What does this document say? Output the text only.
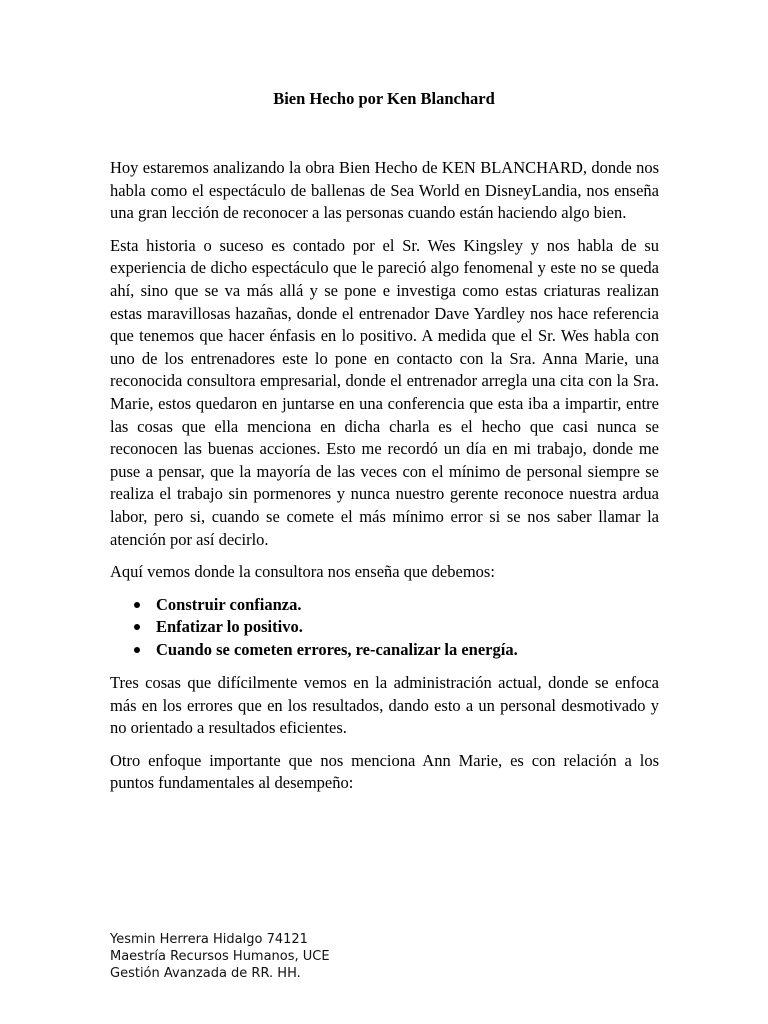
Bien Hecho por Ken Blanchard

Hoy estaremos analizando la obra Bien Hecho de KEN BLANCHARD, donde nos habla como el espectáculo de ballenas de Sea World en DisneyLandia, nos enseña una gran lección de reconocer a las personas cuando están haciendo algo bien.

Esta historia o suceso es contado por el Sr. Wes Kingsley y nos habla de su experiencia de dicho espectáculo que le pareció algo fenomenal y este no se queda ahí, sino que se va más allá y se pone e investiga como estas criaturas realizan estas maravillosas hazañas, donde el entrenador Dave Yardley nos hace referencia que tenemos que hacer énfasis en lo positivo. A medida que el Sr. Wes habla con uno de los entrenadores este lo pone en contacto con la Sra. Anna Marie, una reconocida consultora empresarial, donde el entrenador arregla una cita con la Sra. Marie, estos quedaron en juntarse en una conferencia que esta iba a impartir, entre las cosas que ella menciona en dicha charla es el hecho que casi nunca se reconocen las buenas acciones. Esto me recordó un día en mi trabajo, donde me puse a pensar, que la mayoría de las veces con el mínimo de personal siempre se realiza el trabajo sin pormenores y nunca nuestro gerente reconoce nuestra ardua labor, pero si, cuando se comete el más mínimo error si se nos saber llamar la atención por así decirlo.

Aquí vemos donde la consultora nos enseña que debemos:

Construir confianza.
Enfatizar lo positivo.
Cuando se cometen errores, re-canalizar la energía.

Tres cosas que difícilmente vemos en la administración actual, donde se enfoca más en los errores que en los resultados, dando esto a un personal desmotivado y no orientado a resultados eficientes.

Otro enfoque importante que nos menciona Ann Marie, es con relación a los puntos fundamentales al desempeño:

Yesmin Herrera Hidalgo 74121
Maestría Recursos Humanos, UCE
Gestión Avanzada de RR. HH.
